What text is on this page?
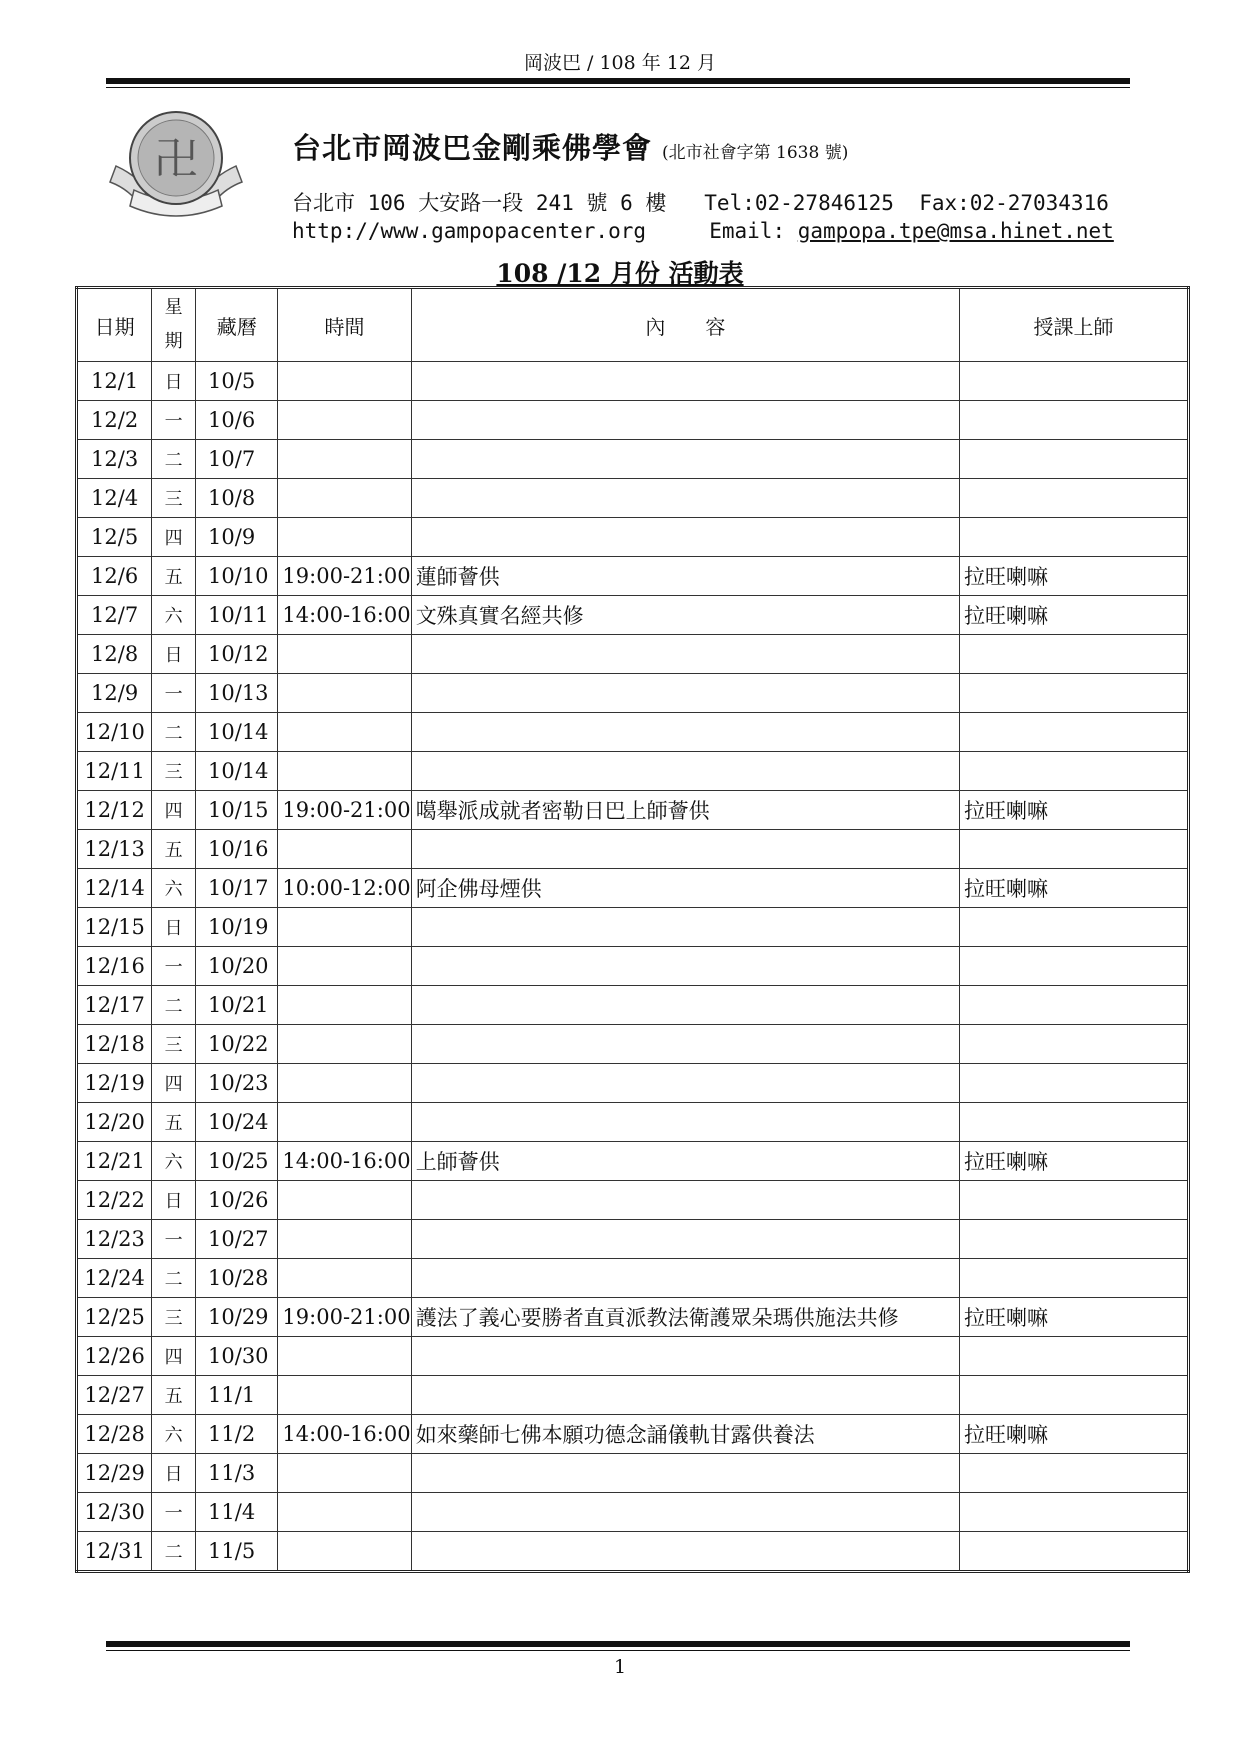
岡波巴 / 108 年 12 月
卍	台北市岡波巴金剛乘佛學會 (北市社會字第 1638 號)
台北市 106 大安路一段 241 號 6 樓   Tel:02-27846125  Fax:02-27034316
http://www.gampopacenter.org	Email: gampopa.tpe@msa.hinet.net
108 /12 月份 活動表
日期	星期	藏曆	時間	內　　容	授課上師
12/1	日	10/5			
12/2	一	10/6			
12/3	二	10/7			
12/4	三	10/8			
12/5	四	10/9			
12/6	五	10/10	19:00-21:00	蓮師薈供	拉旺喇嘛
12/7	六	10/11	14:00-16:00	文殊真實名經共修	拉旺喇嘛
12/8	日	10/12			
12/9	一	10/13			
12/10	二	10/14			
12/11	三	10/14			
12/12	四	10/15	19:00-21:00	噶舉派成就者密勒日巴上師薈供	拉旺喇嘛
12/13	五	10/16			
12/14	六	10/17	10:00-12:00	阿企佛母煙供	拉旺喇嘛
12/15	日	10/19			
12/16	一	10/20			
12/17	二	10/21			
12/18	三	10/22			
12/19	四	10/23			
12/20	五	10/24			
12/21	六	10/25	14:00-16:00	上師薈供	拉旺喇嘛
12/22	日	10/26			
12/23	一	10/27			
12/24	二	10/28			
12/25	三	10/29	19:00-21:00	護法了義心要勝者直貢派教法衛護眾朵瑪供施法共修	拉旺喇嘛
12/26	四	10/30			
12/27	五	11/1			
12/28	六	11/2	14:00-16:00	如來藥師七佛本願功德念誦儀軌甘露供養法	拉旺喇嘛
12/29	日	11/3			
12/30	一	11/4			
12/31	二	11/5			
1
